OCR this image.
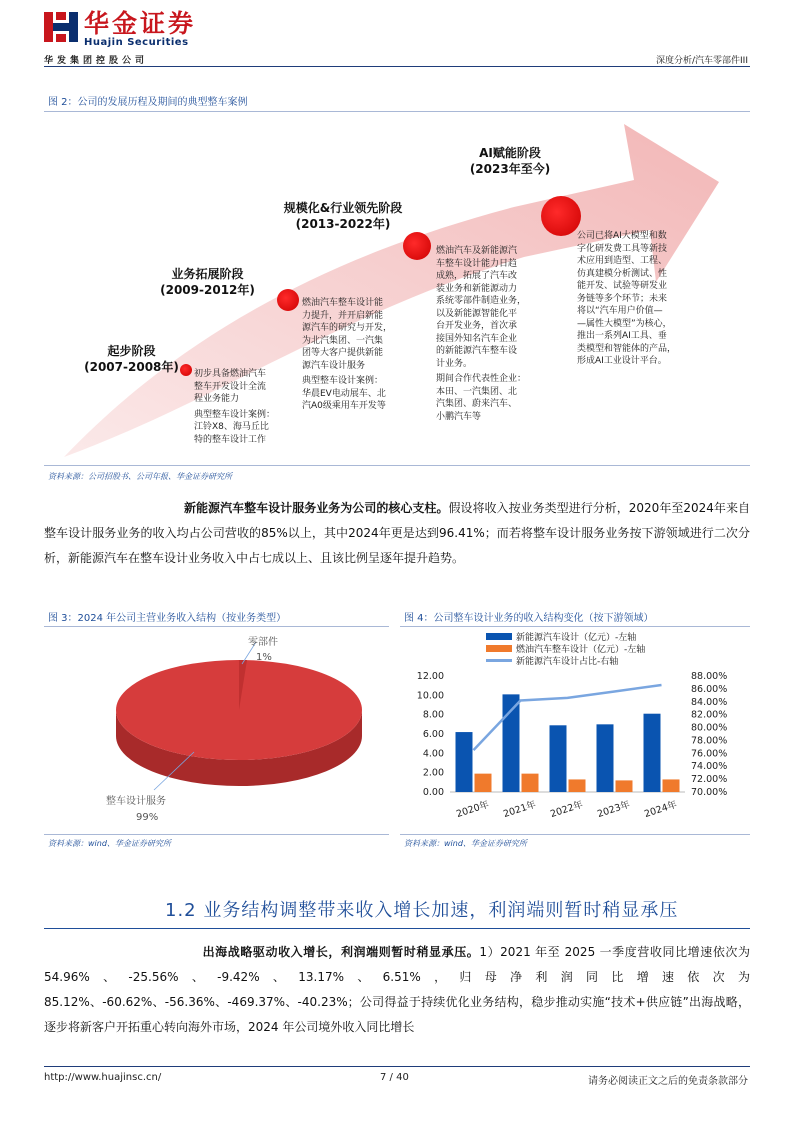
华金证券
Huajin Securities
华发集团控股公司	深度分析/汽车零部件III
图 2：公司的发展历程及期间的典型整车案例
起步阶段
(2007-2008年)	初步具备燃油汽车
整车开发设计全流
程业务能力
典型整车设计案例：
江铃X8、海马丘比
特的整车设计工作
业务拓展阶段
(2009-2012年)
燃油汽车整车设计能
力提升，并开启新能
源汽车的研究与开发，
为北汽集团、一汽集
团等大客户提供新能
源汽车设计服务
典型整车设计案例：
华晨EV电动展车、北
汽A0级乘用车开发等
规模化&行业领先阶段
(2013-2022年)
燃油汽车及新能源汽
车整车设计能力日趋
成熟，拓展了汽车改
装业务和新能源动力
系统零部件制造业务，
以及新能源智能化平
台开发业务，首次承
接国外知名汽车企业
的新能源汽车整车设
计业务。
期间合作代表性企业：
本田、一汽集团、北
汽集团、蔚来汽车、
小鹏汽车等
AI赋能阶段
(2023年至今)
公司已将AI大模型和数
字化研发费工具等新技
术应用到造型、工程、
仿真建模分析测试、性
能开发、试验等研发业
务链等多个环节；未来
将以“汽车用户价值—
—属性大模型”为核心，
推出一系列AI工具、垂
类模型和智能体的产品，
形成AI工业设计平台。
资料来源：公司招股书、公司年报、华金证券研究所
新能源汽车整车设计服务业务为公司的核心支柱。假设将收入按业务类型进行分析，2020年至2024年来自整车设计服务业务的收入均占公司营收的85%以上，其中2024年更是达到96.41%；而若将整车设计服务业务按下游领域进行二次分析，新能源汽车在整车设计业务收入中占七成以上、且该比例呈逐年提升趋势。
图 3：2024 年公司主营业务收入结构（按业务类型）
零部件
1%
整车设计服务
99%
资料来源：wind、华金证券研究所
图 4：公司整车设计业务的收入结构变化（按下游领域）
新能源汽车设计（亿元）-左轴
燃油汽车整车设计（亿元）-左轴
新能源汽车设计占比-右轴
0.00
2.00
4.00
6.00
8.00
10.00
12.00
70.00%
72.00%
74.00%
76.00%
78.00%
80.00%
82.00%
84.00%
86.00%
88.00%
2020年 2021年 2022年 2023年 2024年
资料来源：wind、华金证券研究所
1.2 业务结构调整带来收入增长加速，利润端则暂时稍显承压
出海战略驱动收入增长，利润端则暂时稍显承压。1）2021 年至 2025 一季度营收同比增速依次为 54.96%、-25.56%、-9.42%、13.17%、6.51%，归母净利润同比增速依次为 85.12%、-60.62%、-56.36%、-469.37%、-40.23%；公司得益于持续优化业务结构，稳步推动实施“技术+供应链”出海战略，逐步将新客户开拓重心转向海外市场，2024 年公司境外收入同比增长
http://www.huajinsc.cn/	7 / 40	请务必阅读正文之后的免责条款部分
